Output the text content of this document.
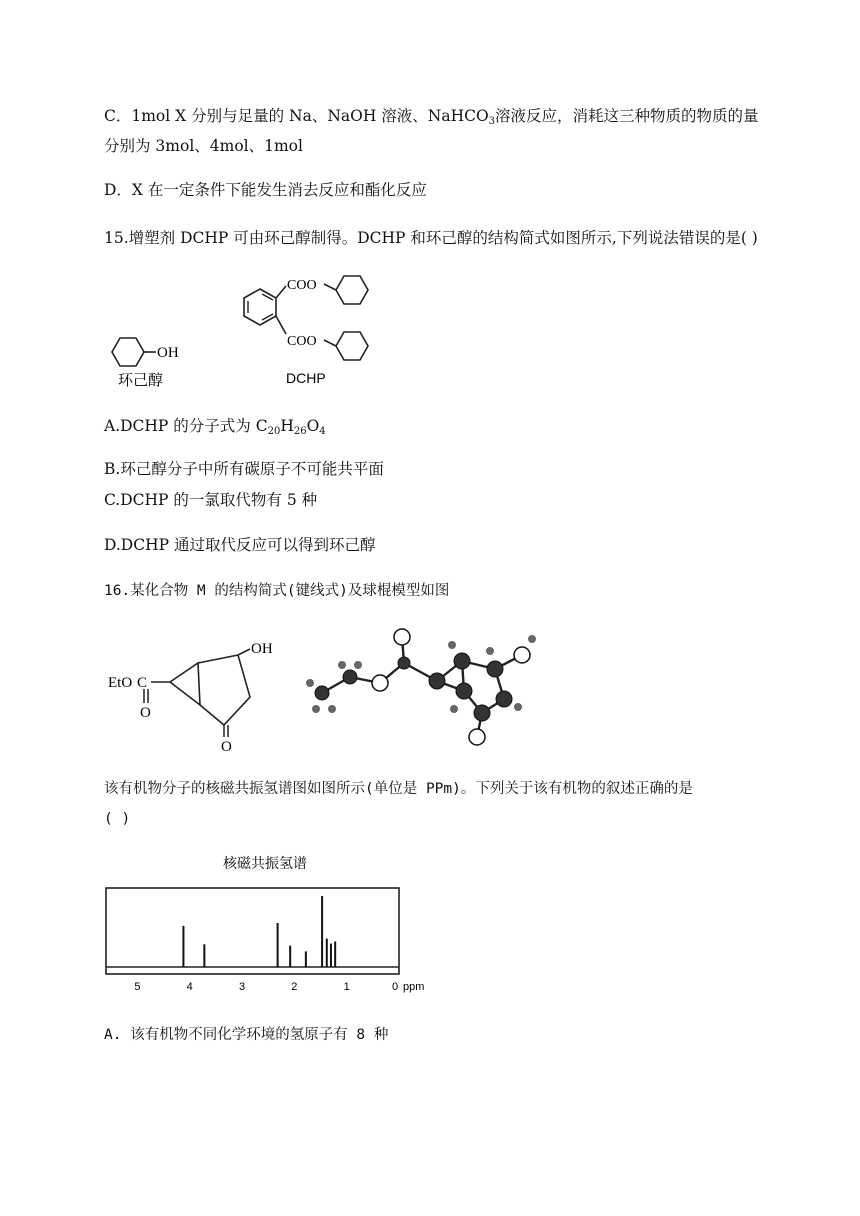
C．1mol X 分别与足量的 Na、NaOH 溶液、NaHCO$_3$溶液反应，消耗这三种物质的物质的量
分别为 3mol、4mol、1mol
D．X 在一定条件下能发生消去反应和酯化反应
15.增塑剂 DCHP 可由环己醇制得。DCHP 和环己醇的结构简式如图所示,下列说法错误的是( )
OH
环己醇
COO
COO
DCHP
A.DCHP 的分子式为 $C_{20}H_{26}O_4$
B.环己醇分子中所有碳原子不可能共平面
C.DCHP 的一氯取代物有 5 种
D.DCHP 通过取代反应可以得到环己醇
16.某化合物 M 的结构简式(键线式)及球棍模型如图
EtO C
O
OH
O
该有机物分子的核磁共振氢谱图如图所示(单位是 PPm)。下列关于该有机物的叙述正确的是
( )
核磁共振氢谱
5	4	3	2	1	0 ppm
A. 该有机物不同化学环境的氢原子有 8 种
